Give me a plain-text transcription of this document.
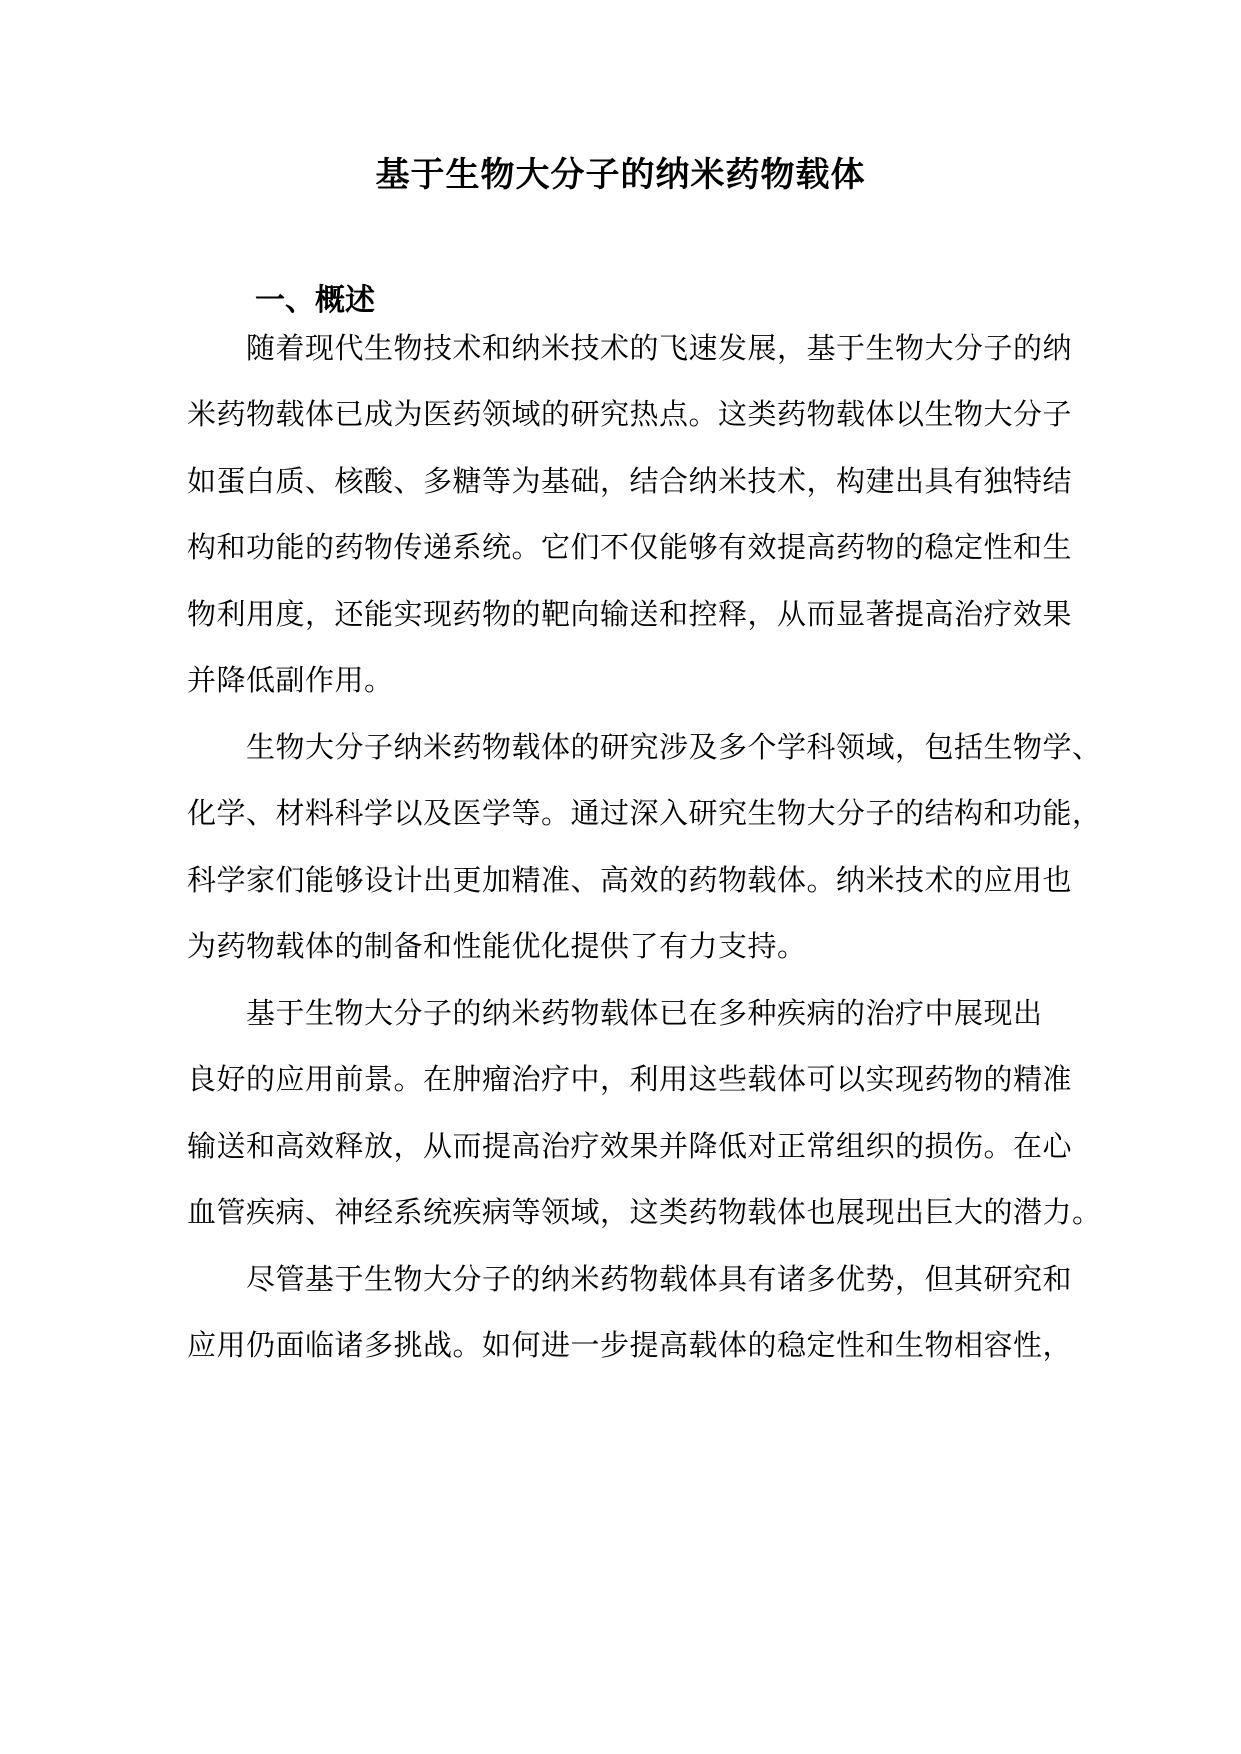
基于生物大分子的纳米药物载体
一、概述
随着现代生物技术和纳米技术的飞速发展，基于生物大分子的纳
米药物载体已成为医药领域的研究热点。这类药物载体以生物大分子
如蛋白质、核酸、多糖等为基础，结合纳米技术，构建出具有独特结
构和功能的药物传递系统。它们不仅能够有效提高药物的稳定性和生
物利用度，还能实现药物的靶向输送和控释，从而显著提高治疗效果
并降低副作用。
生物大分子纳米药物载体的研究涉及多个学科领域，包括生物学、
化学、材料科学以及医学等。通过深入研究生物大分子的结构和功能，
科学家们能够设计出更加精准、高效的药物载体。纳米技术的应用也
为药物载体的制备和性能优化提供了有力支持。
基于生物大分子的纳米药物载体已在多种疾病的治疗中展现出
良好的应用前景。在肿瘤治疗中，利用这些载体可以实现药物的精准
输送和高效释放，从而提高治疗效果并降低对正常组织的损伤。在心
血管疾病、神经系统疾病等领域，这类药物载体也展现出巨大的潜力。
尽管基于生物大分子的纳米药物载体具有诸多优势，但其研究和
应用仍面临诸多挑战。如何进一步提高载体的稳定性和生物相容性，
